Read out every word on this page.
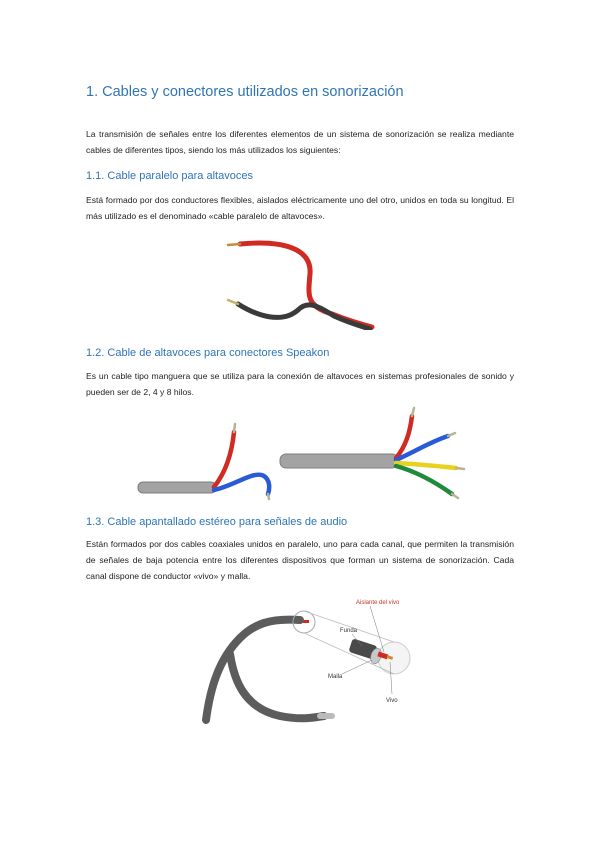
1. Cables y conectores utilizados en sonorización

La transmisión de señales entre los diferentes elementos de un sistema de sonorización se realiza mediante cables de diferentes tipos, siendo los más utilizados los siguientes:

1.1. Cable paralelo para altavoces

Está formado por dos conductores flexibles, aislados eléctricamente uno del otro, unidos en toda su longitud. El más utilizado es el denominado «cable paralelo de altavoces».

1.2. Cable de altavoces para conectores Speakon

Es un cable tipo manguera que se utiliza para la conexión de altavoces en sistemas profesionales de sonido y pueden ser de 2, 4 y 8 hilos.

1.3. Cable apantallado estéreo para señales de audio

Están formados por dos cables coaxiales unidos en paralelo, uno para cada canal, que permiten la transmisión de señales de baja potencia entre los diferentes dispositivos que forman un sistema de sonorización. Cada canal dispone de conductor «vivo» y malla.

Aislante del vivo
Funda
Malla
Vivo
